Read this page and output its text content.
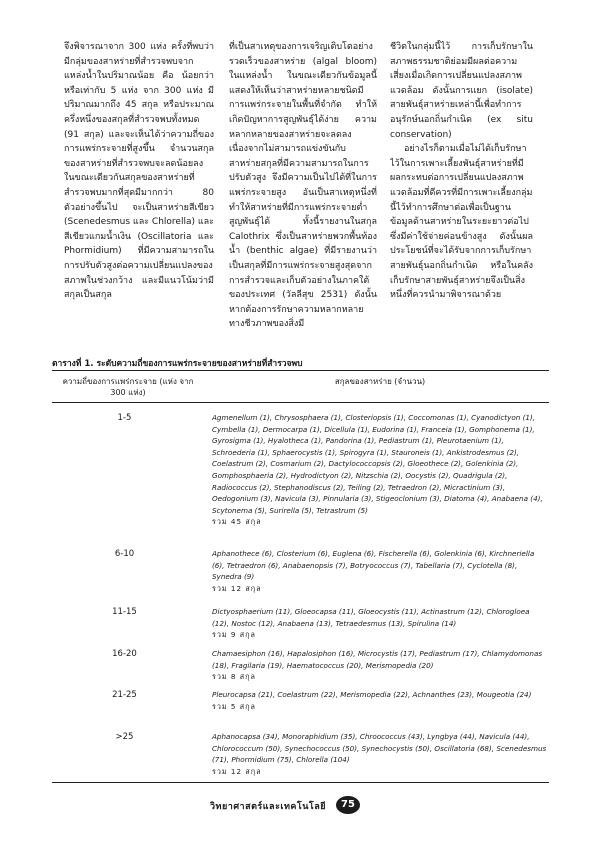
จึงพิจารณาจาก 300 แห่ง ครั้งที่พบว่า มีกลุ่มของสาหร่ายที่สำรวจพบจากแหล่งน้ำในปริมาณน้อย คือ น้อยกว่าหรือเท่ากับ 5 แห่ง จาก 300 แห่ง มีปริมาณมากถึง 45 สกุล หรือประมาณครึ่งหนึ่งของสกุลที่สำรวจพบทั้งหมด (91 สกุล) และจะเห็นได้ว่าความถี่ของการแพร่กระจายที่สูงขึ้น จำนวนสกุลของสาหร่ายที่สำรวจพบจะลดน้อยลง ในขณะเดียวกันสกุลของสาหร่ายที่สำรวจพบมากที่สุดมีมากกว่า 80 ตัวอย่างขึ้นไป จะเป็นสาหร่ายสีเขียว (Scenedesmus และ Chlorella) และสีเขียวแกมน้ำเงิน (Oscillatoria และ Phormidium) ที่มีความสามารถในการปรับตัวสูงต่อความเปลี่ยนแปลงของสภาพในช่วงกว้าง และมีแนวโน้มว่ามีสกุลเป็นสกุล

ที่เป็นสาเหตุของการเจริญเติบโตอย่างรวดเร็วของสาหร่าย (algal bloom) ในแหล่งน้ำ ในขณะเดียวกันข้อมูลนี้แสดงให้เห็นว่าสาหร่ายหลายชนิดมีการแพร่กระจายในพื้นที่จำกัด ทำให้เกิดปัญหาการสูญพันธุ์ได้ง่าย ความหลากหลายของสาหร่ายจะลดลง เนื่องจากไม่สามารถแข่งขันกับสาหร่ายสกุลที่มีความสามารถในการปรับตัวสูง จึงมีความเป็นไปได้ที่ในการแพร่กระจายสูง อันเป็นสาเหตุหนึ่งที่ทำให้สาหร่ายที่มีการแพร่กระจายต่ำสูญพันธุ์ได้ ทั้งนี้รายงานในสกุล Calothrix ซึ่งเป็นสาหร่ายพวกพื้นท้องน้ำ (benthic algae) ที่มีรายงานว่าเป็นสกุลที่มีการแพร่กระจายสูงสุดจากการสำรวจและเก็บตัวอย่างในภาคใต้ของประเทศ (วัลลีสุข 2531) ดังนั้นหากต้องการรักษาความหลากหลายทางชีวภาพของสิ่งมี

ชีวิตในกลุ่มนี้ไว้ การเก็บรักษาในสภาพธรรมชาติย่อมมีผลต่อความเสี่ยงเมื่อเกิดการเปลี่ยนแปลงสภาพแวดล้อม ดังนั้นการแยก (isolate) สายพันธุ์สาหร่ายเหล่านี้เพื่อทำการอนุรักษ์นอกถิ่นกำเนิด (ex situ conservation)

อย่างไรก็ตามเมื่อไม่ได้เก็บรักษาไว้ในการเพาะเลี้ยงพันธุ์สาหร่ายที่มีผลกระทบต่อการเปลี่ยนแปลงสภาพแวดล้อมที่ดีควรที่มีการเพาะเลี้ยงกลุ่มนี้ไว้ทำการศึกษาต่อเพื่อเป็นฐานข้อมูลด้านสาหร่ายในระยะยาวต่อไป ซึ่งมีค่าใช้จ่ายค่อนข้างสูง ดังนั้นผลประโยชน์ที่จะได้รับจากการเก็บรักษาสายพันธุ์นอกถิ่นกำเนิด หรือในคลังเก็บรักษาสายพันธุ์สาหร่ายจึงเป็นสิ่งหนึ่งที่ควรนำมาพิจารณาด้วย

ตารางที่ 1. ระดับความถี่ของการแพร่กระจายของสาหร่ายที่สำรวจพบ
ความถี่ของการแพร่กระจาย (แห่ง จาก 300 แห่ง)
สกุลของสาหร่าย (จำนวน)
1-5	Agmenellum (1), Chrysosphaera (1), Closteriopsis (1), Coccomonas (1), Cyanodictyon (1), Cymbella (1), Dermocarpa (1), Dicellula (1), Eudorina (1), Franceia (1), Gomphonema (1), Gyrosigma (1), Hyalotheca (1), Pandorina (1), Pediastrum (1), Pleurotaenium (1), Schroederia (1), Sphaerocystis (1), Spirogyra (1), Stauroneis (1), Ankistrodesmus (2), Coelastrum (2), Cosmarium (2), Dactylococcopsis (2), Gloeothece (2), Golenkinia (2), Gomphosphaeria (2), Hydrodictyon (2), Nitzschia (2), Oocystis (2), Quadrigula (2), Radiococcus (2), Stephanodiscus (2), Teiling (2), Tetraedron (2), Micractinium (3), Oedogonium (3), Navicula (3), Pinnularia (3), Stigeoclonium (3), Diatoma (4), Anabaena (4), Scytonema (5), Surirella (5), Tetrastrum (5)
รวม 45 สกุล
6-10	Aphanothece (6), Closterium (6), Euglena (6), Fischerella (6), Golenkinia (6), Kirchneriella (6), Tetraedron (6), Anabaenopsis (7), Botryococcus (7), Tabellaria (7), Cyclotella (8), Synedra (9)
รวม 12 สกุล
11-15	Dictyosphaerium (11), Gloeocapsa (11), Gloeocystis (11), Actinastrum (12), Chlorogloea (12), Nostoc (12), Anabaena (13), Tetraedesmus (13), Spirulina (14)
รวม 9 สกุล
16-20	Chamaesiphon (16), Hapalosiphon (16), Microcystis (17), Pediastrum (17), Chlamydomonas (18), Fragilaria (19), Haematococcus (20), Merismopedia (20)
รวม 8 สกุล
21-25	Pleurocapsa (21), Coelastrum (22), Merismopedia (22), Achnanthes (23), Mougeotia (24)
รวม 5 สกุล
>25	Aphanocapsa (34), Monoraphidium (35), Chroococcus (43), Lyngbya (44), Navicula (44), Chlorococcum (50), Synechococcus (50), Synechocystis (50), Oscillatoria (68), Scenedesmus (71), Phormidium (75), Chlorella (104)
รวม 12 สกุล
วิทยาศาสตร์และเทคโนโลยี	75
